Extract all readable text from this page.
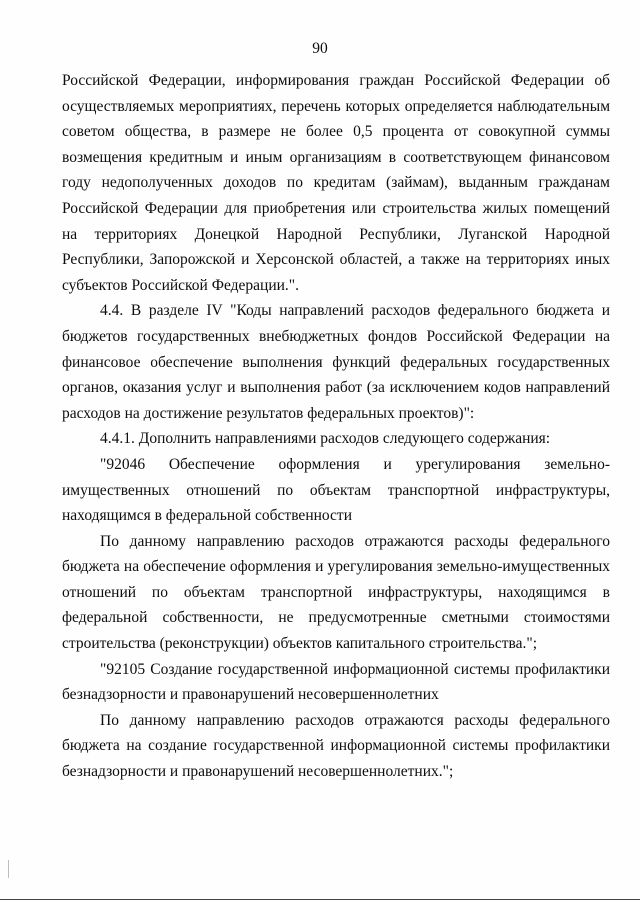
90

Российской Федерации, информирования граждан Российской Федерации об осуществляемых мероприятиях, перечень которых определяется наблюдательным советом общества, в размере не более 0,5 процента от совокупной суммы возмещения кредитным и иным организациям в соответствующем финансовом году недополученных доходов по кредитам (займам), выданным гражданам Российской Федерации для приобретения или строительства жилых помещений на территориях Донецкой Народной Республики, Луганской Народной Республики, Запорожской и Херсонской областей, а также на территориях иных субъектов Российской Федерации.".

4.4. В разделе IV "Коды направлений расходов федерального бюджета и бюджетов государственных внебюджетных фондов Российской Федерации на финансовое обеспечение выполнения функций федеральных государственных органов, оказания услуг и выполнения работ (за исключением кодов направлений расходов на достижение результатов федеральных проектов)":

4.4.1. Дополнить направлениями расходов следующего содержания:

"92046 Обеспечение оформления и урегулирования земельно-имущественных отношений по объектам транспортной инфраструктуры, находящимся в федеральной собственности

По данному направлению расходов отражаются расходы федерального бюджета на обеспечение оформления и урегулирования земельно-имущественных отношений по объектам транспортной инфраструктуры, находящимся в федеральной собственности, не предусмотренные сметными стоимостями строительства (реконструкции) объектов капитального строительства.";

"92105 Создание государственной информационной системы профилактики безнадзорности и правонарушений несовершеннолетних

По данному направлению расходов отражаются расходы федерального бюджета на создание государственной информационной системы профилактики безнадзорности и правонарушений несовершеннолетних.";
